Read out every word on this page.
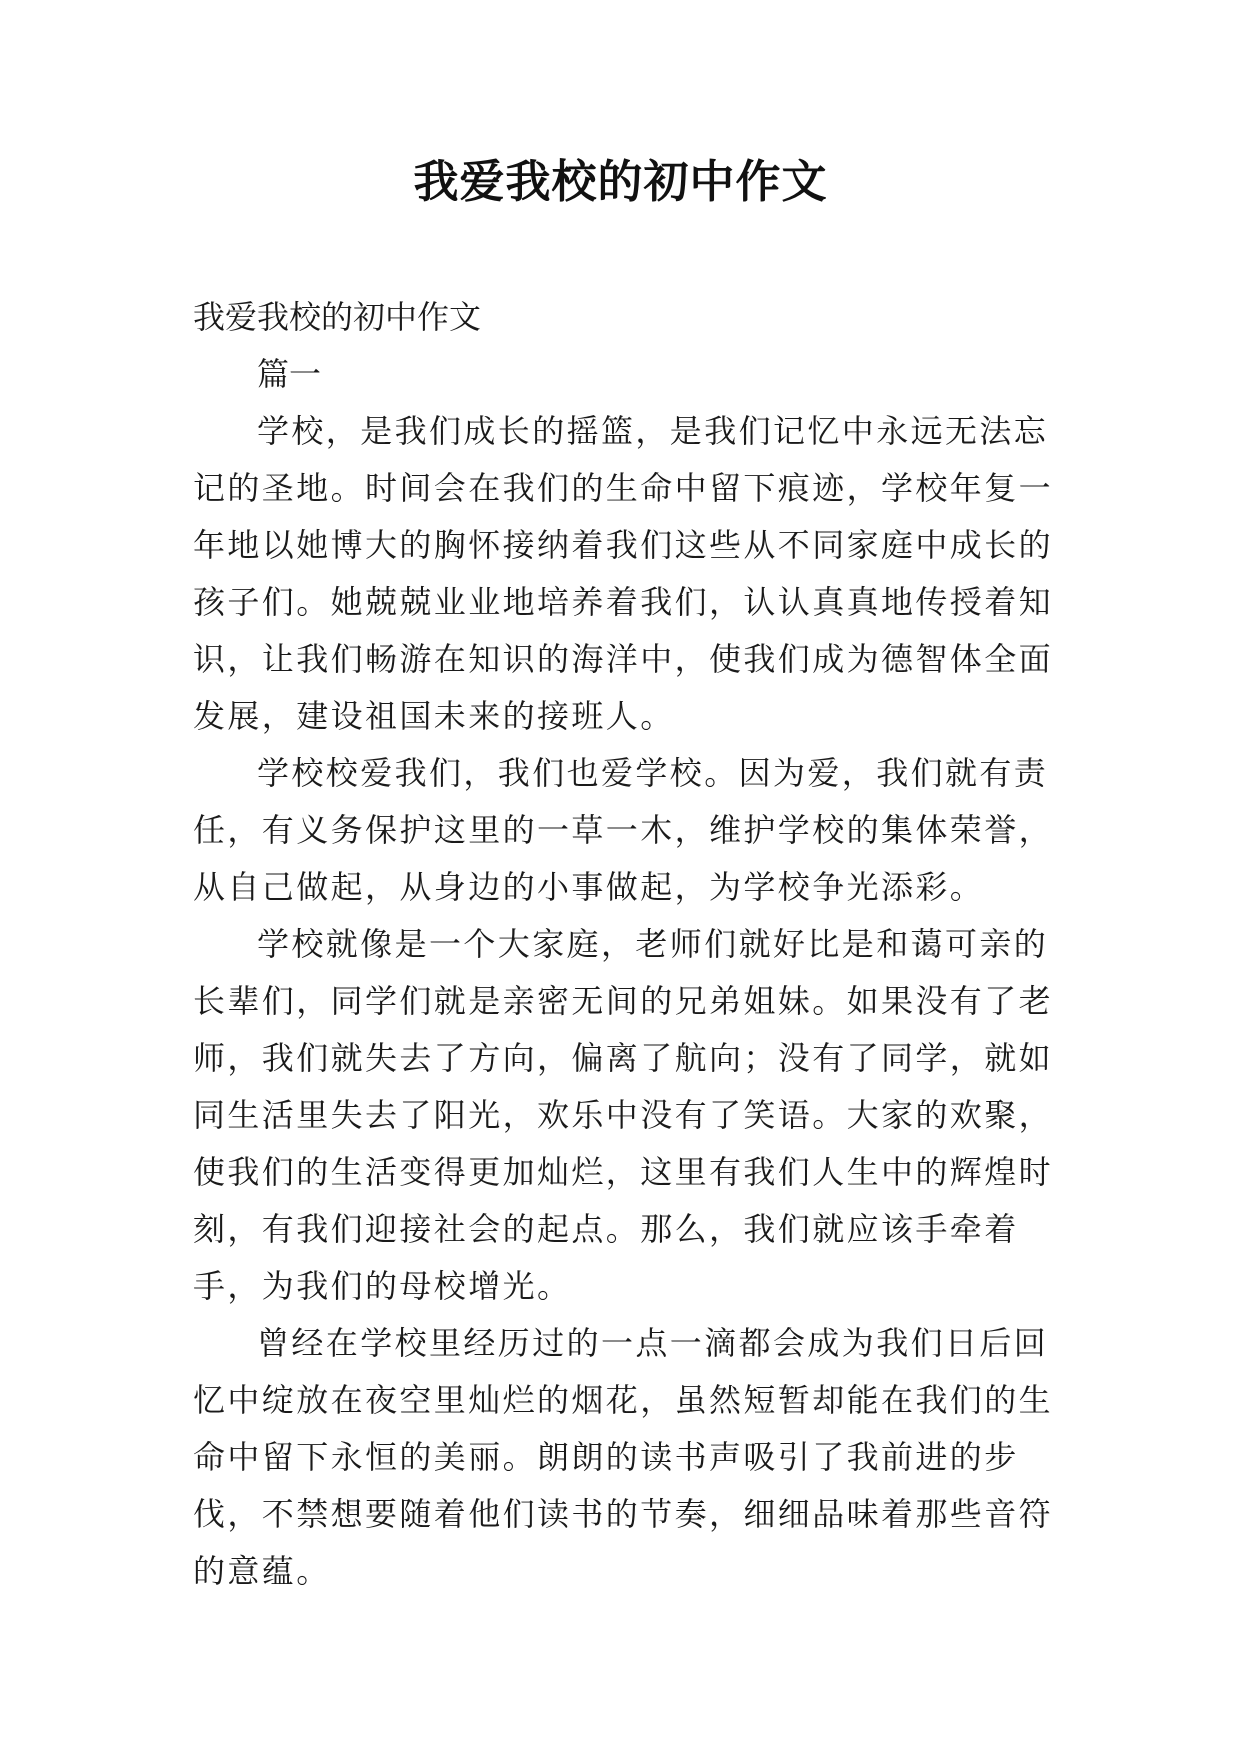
我爱我校的初中作文

我爱我校的初中作文

篇一

学校，是我们成长的摇篮，是我们记忆中永远无法忘记的圣地。时间会在我们的生命中留下痕迹，学校年复一年地以她博大的胸怀接纳着我们这些从不同家庭中成长的孩子们。她兢兢业业地培养着我们，认认真真地传授着知识，让我们畅游在知识的海洋中，使我们成为德智体全面发展，建设祖国未来的接班人。

学校校爱我们，我们也爱学校。因为爱，我们就有责任，有义务保护这里的一草一木，维护学校的集体荣誉，从自己做起，从身边的小事做起，为学校争光添彩。

学校就像是一个大家庭，老师们就好比是和蔼可亲的长辈们，同学们就是亲密无间的兄弟姐妹。如果没有了老师，我们就失去了方向，偏离了航向；没有了同学，就如同生活里失去了阳光，欢乐中没有了笑语。大家的欢聚，使我们的生活变得更加灿烂，这里有我们人生中的辉煌时刻，有我们迎接社会的起点。那么，我们就应该手牵着手，为我们的母校增光。

曾经在学校里经历过的一点一滴都会成为我们日后回忆中绽放在夜空里灿烂的烟花，虽然短暂却能在我们的生命中留下永恒的美丽。朗朗的读书声吸引了我前进的步伐，不禁想要随着他们读书的节奏，细细品味着那些音符的意蕴。
